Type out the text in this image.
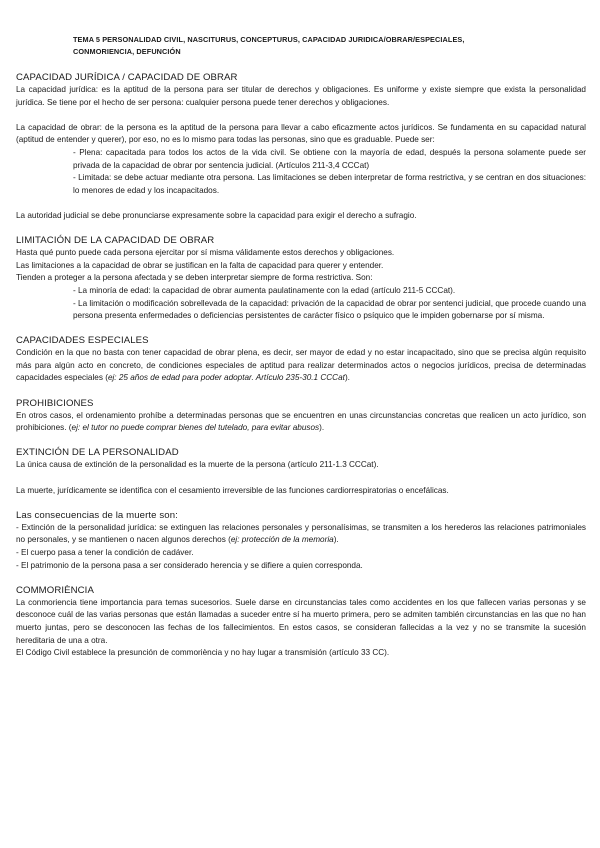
TEMA 5 PERSONALIDAD CIVIL, NASCITURUS, CONCEPTURUS, CAPACIDAD JURIDICA/OBRAR/ESPECIALES,
CONMORIENCIA, DEFUNCIÓN
CAPACIDAD JURÍDICA / CAPACIDAD DE OBRAR

La capacidad jurídica: es la aptitud de la persona para ser titular de derechos y obligaciones. Es uniforme y existe siempre que exista la personalidad jurídica. Se tiene por el hecho de ser persona: cualquier persona puede tener derechos y obligaciones.

La capacidad de obrar: de la persona es la aptitud de la persona para llevar a cabo eficazmente actos jurídicos. Se fundamenta en su capacidad natural (aptitud de entender y querer), por eso, no es lo mismo para todas las personas, sino que es graduable. Puede ser:

- Plena: capacitada para todos los actos de la vida civil. Se obtiene con la mayoría de edad, después la persona solamente puede ser privada de la capacidad de obrar por sentencia judicial. (Artículos 211-3,4 CCCat)

- Limitada: se debe actuar mediante otra persona. Las limitaciones se deben interpretar de forma restrictiva, y se centran en dos situaciones: lo menores de edad y los incapacitados.

La autoridad judicial se debe pronunciarse expresamente sobre la capacidad para exigir el derecho a sufragio.

LIMITACIÓN DE LA CAPACIDAD DE OBRAR

Hasta qué punto puede cada persona ejercitar por sí misma válidamente estos derechos y obligaciones.

Las limitaciones a la capacidad de obrar se justifican en la falta de capacidad para querer y entender.

Tienden a proteger a la persona afectada y se deben interpretar siempre de forma restrictiva. Son:

- La minoría de edad: la capacidad de obrar aumenta paulatinamente con la edad (artículo 211-5 CCCat).

- La limitación o modificación sobrellevada de la capacidad: privación de la capacidad de obrar por sentenci judicial, que procede cuando una persona presenta enfermedades o deficiencias persistentes de carácter físico o psíquico que le impiden gobernarse por sí misma.

CAPACIDADES ESPECIALES

Condición en la que no basta con tener capacidad de obrar plena, es decir, ser mayor de edad y no estar incapacitado, sino que se precisa algún requisito más para algún acto en concreto, de condiciones especiales de aptitud para realizar determinados actos o negocios jurídicos, precisa de determinadas capacidades especiales (ej: 25 años de edad para poder adoptar. Artículo 235-30.1 CCCat).

PROHIBICIONES

En otros casos, el ordenamiento prohíbe a determinadas personas que se encuentren en unas circunstancias concretas que realicen un acto jurídico, son prohibiciones. (ej: el tutor no puede comprar bienes del tutelado, para evitar abusos).

EXTINCIÓN DE LA PERSONALIDAD

La única causa de extinción de la personalidad es la muerte de la persona (artículo 211-1.3 CCCat).

La muerte, jurídicamente se identifica con el cesamiento irreversible de las funciones cardiorrespiratorias o encefálicas.

Las consecuencias de la muerte son:

- Extinción de la personalidad jurídica: se extinguen las relaciones personales y personalísimas, se transmiten a los herederos las relaciones patrimoniales no personales, y se mantienen o nacen algunos derechos (ej: protección de la memoria).

- El cuerpo pasa a tener la condición de cadáver.

- El patrimonio de la persona pasa a ser considerado herencia y se difiere a quien corresponda.

COMMORIÈNCIA

La conmoriencia tiene importancia para temas sucesorios. Suele darse en circunstancias tales como accidentes en los que fallecen varias personas y se desconoce cuál de las varias personas que están llamadas a suceder entre sí ha muerto primera, pero se admiten también circunstancias en las que no han muerto juntas, pero se desconocen las fechas de los fallecimientos. En estos casos, se consideran fallecidas a la vez y no se transmite la sucesión hereditaria de una a otra.

El Código Civil establece la presunción de commoriència y no hay lugar a transmisión (artículo 33 CC).
